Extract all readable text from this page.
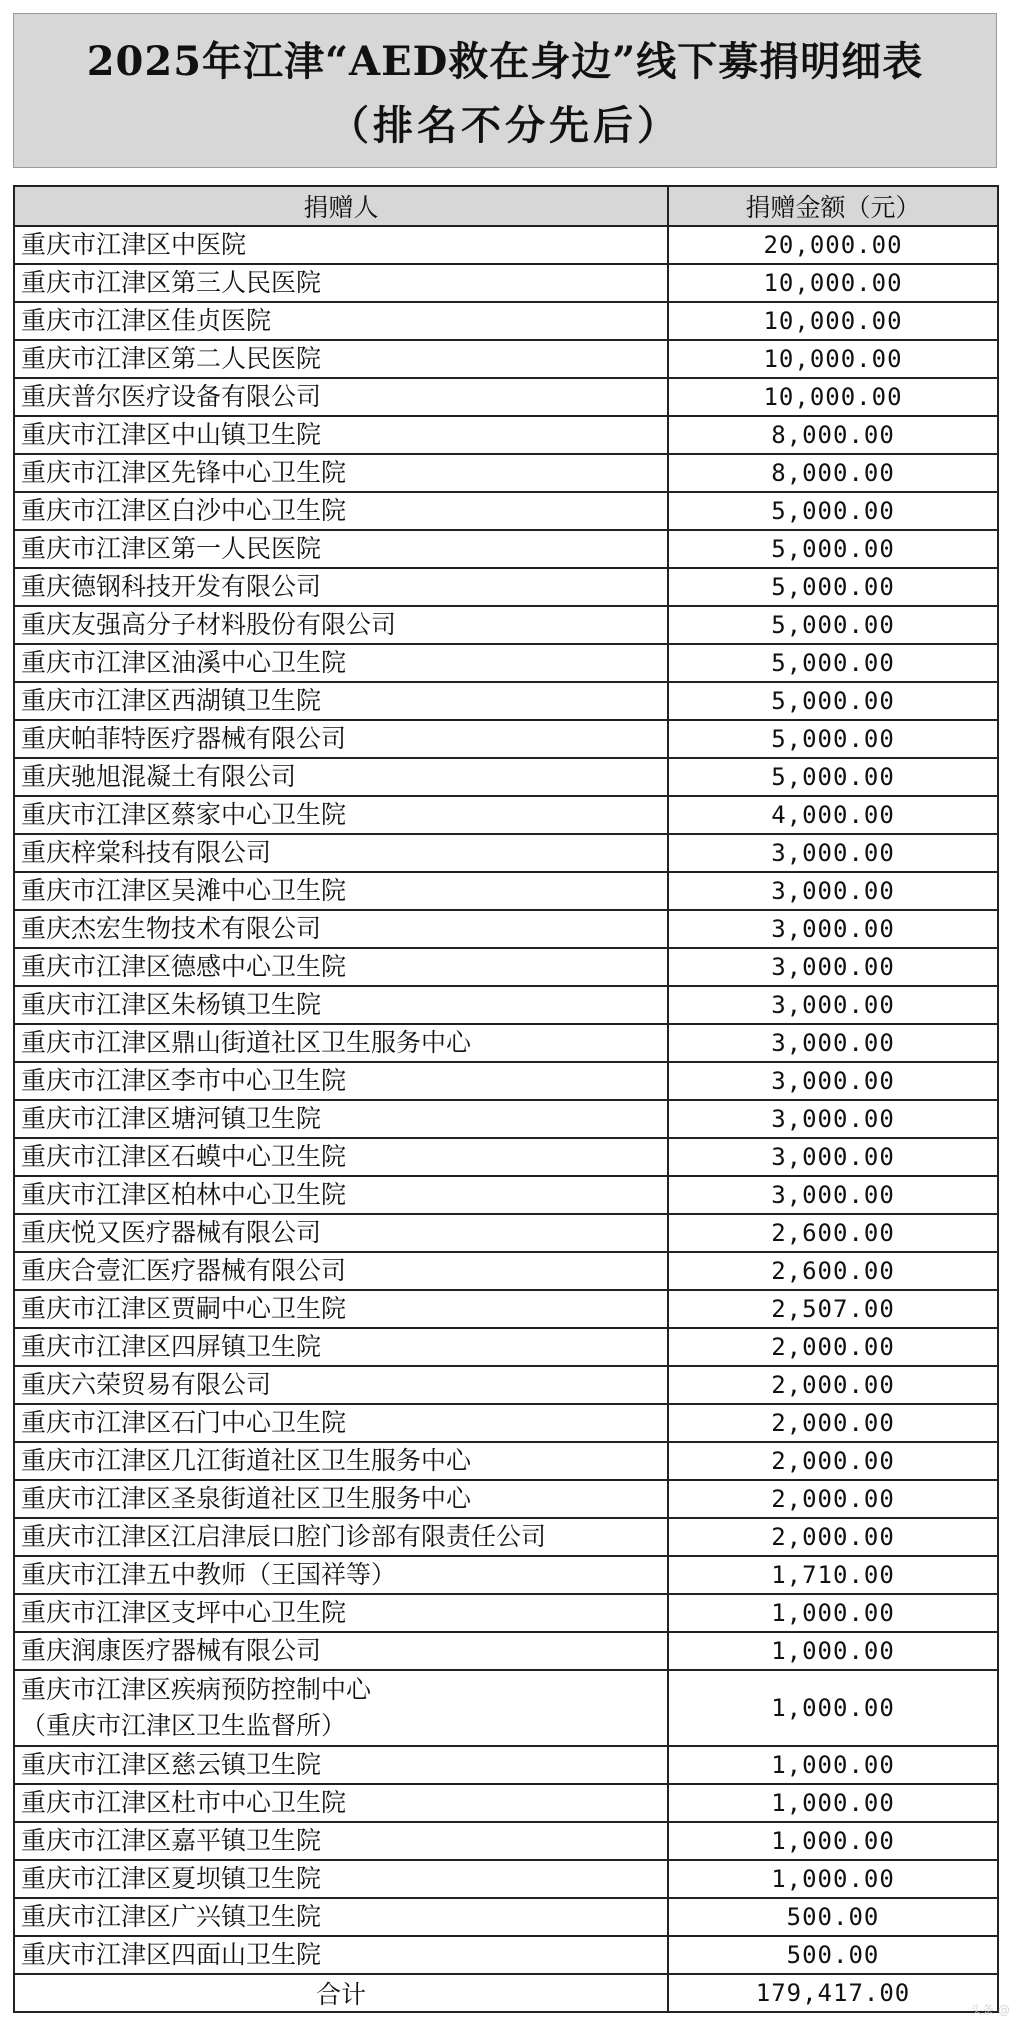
2025年江津“AED救在身边”线下募捐明细表
（排名不分先后）
捐赠人	捐赠金额（元）

重庆市江津区中医院	20,000.00

重庆市江津区第三人民医院	10,000.00

重庆市江津区佳贞医院	10,000.00

重庆市江津区第二人民医院	10,000.00

重庆普尔医疗设备有限公司	10,000.00

重庆市江津区中山镇卫生院	8,000.00

重庆市江津区先锋中心卫生院	8,000.00

重庆市江津区白沙中心卫生院	5,000.00

重庆市江津区第一人民医院	5,000.00

重庆德钢科技开发有限公司	5,000.00

重庆友强高分子材料股份有限公司	5,000.00

重庆市江津区油溪中心卫生院	5,000.00

重庆市江津区西湖镇卫生院	5,000.00

重庆帕菲特医疗器械有限公司	5,000.00

重庆驰旭混凝土有限公司	5,000.00

重庆市江津区蔡家中心卫生院	4,000.00

重庆梓棠科技有限公司	3,000.00

重庆市江津区吴滩中心卫生院	3,000.00

重庆杰宏生物技术有限公司	3,000.00

重庆市江津区德感中心卫生院	3,000.00

重庆市江津区朱杨镇卫生院	3,000.00

重庆市江津区鼎山街道社区卫生服务中心	3,000.00

重庆市江津区李市中心卫生院	3,000.00

重庆市江津区塘河镇卫生院	3,000.00

重庆市江津区石蟆中心卫生院	3,000.00

重庆市江津区柏林中心卫生院	3,000.00

重庆悦又医疗器械有限公司	2,600.00

重庆合壹汇医疗器械有限公司	2,600.00

重庆市江津区贾嗣中心卫生院	2,507.00

重庆市江津区四屏镇卫生院	2,000.00

重庆六荣贸易有限公司	2,000.00

重庆市江津区石门中心卫生院	2,000.00

重庆市江津区几江街道社区卫生服务中心	2,000.00

重庆市江津区圣泉街道社区卫生服务中心	2,000.00

重庆市江津区江启津辰口腔门诊部有限责任公司	2,000.00

重庆市江津五中教师（王国祥等）	1,710.00

重庆市江津区支坪中心卫生院	1,000.00

重庆润康医疗器械有限公司	1,000.00

重庆市江津区疾病预防控制中心
（重庆市江津区卫生监督所）	1,000.00

重庆市江津区慈云镇卫生院	1,000.00

重庆市江津区杜市中心卫生院	1,000.00

重庆市江津区嘉平镇卫生院	1,000.00

重庆市江津区夏坝镇卫生院	1,000.00

重庆市江津区广兴镇卫生院	500.00

重庆市江津区四面山卫生院	500.00
合计	179,417.00
头条 @
